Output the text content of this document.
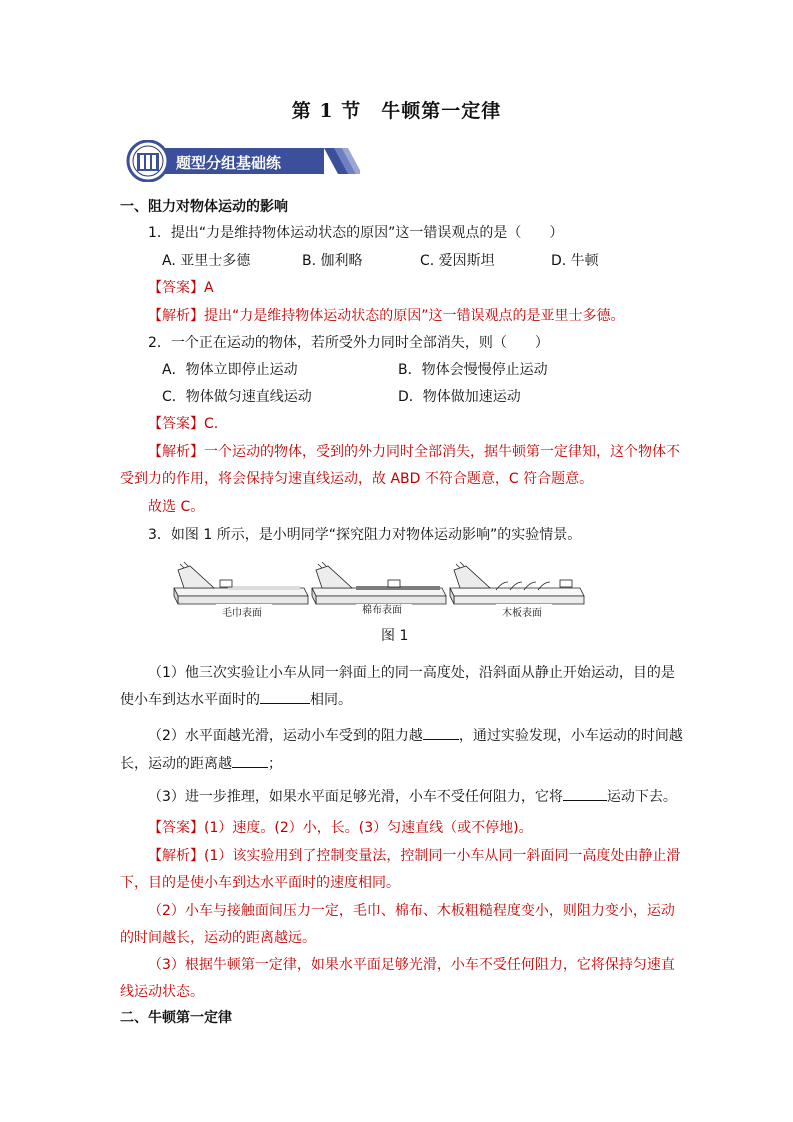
第 1 节　牛顿第一定律
题型分组基础练
一、阻力对物体运动的影响
1．提出“力是维持物体运动状态的原因”这一错误观点的是（　　）
A. 亚里士多德	B. 伽利略	C. 爱因斯坦	D. 牛顿
【答案】A
【解析】提出“力是维持物体运动状态的原因”这一错误观点的是亚里士多德。
2．一个正在运动的物体，若所受外力同时全部消失，则（　　）
A．物体立即停止运动	B．物体会慢慢停止运动
C．物体做匀速直线运动	D．物体做加速运动
【答案】C.
【解析】一个运动的物体，受到的外力同时全部消失，据牛顿第一定律知，这个物体不
受到力的作用，将会保持匀速直线运动，故 ABD 不符合题意，C 符合题意。
故选 C。
3．如图 1 所示，是小明同学“探究阻力对物体运动影响”的实验情景。
毛巾表面	棉布表面	木板表面
图 1
（1）他三次实验让小车从同一斜面上的同一高度处，沿斜面从静止开始运动，目的是
使小车到达水平面时的	相同。
（2）水平面越光滑，运动小车受到的阻力越	，通过实验发现，小车运动的时间越
长，运动的距离越	；
（3）进一步推理，如果水平面足够光滑，小车不受任何阻力，它将	运动下去。
【答案】(1）速度。(2）小，长。(3）匀速直线（或不停地)。
【解析】(1）该实验用到了控制变量法，控制同一小车从同一斜面同一高度处由静止滑
下，目的是使小车到达水平面时的速度相同。
（2）小车与接触面间压力一定，毛巾、棉布、木板粗糙程度变小，则阻力变小，运动
的时间越长，运动的距离越远。
（3）根据牛顿第一定律，如果水平面足够光滑，小车不受任何阻力，它将保持匀速直
线运动状态。
二、牛顿第一定律
